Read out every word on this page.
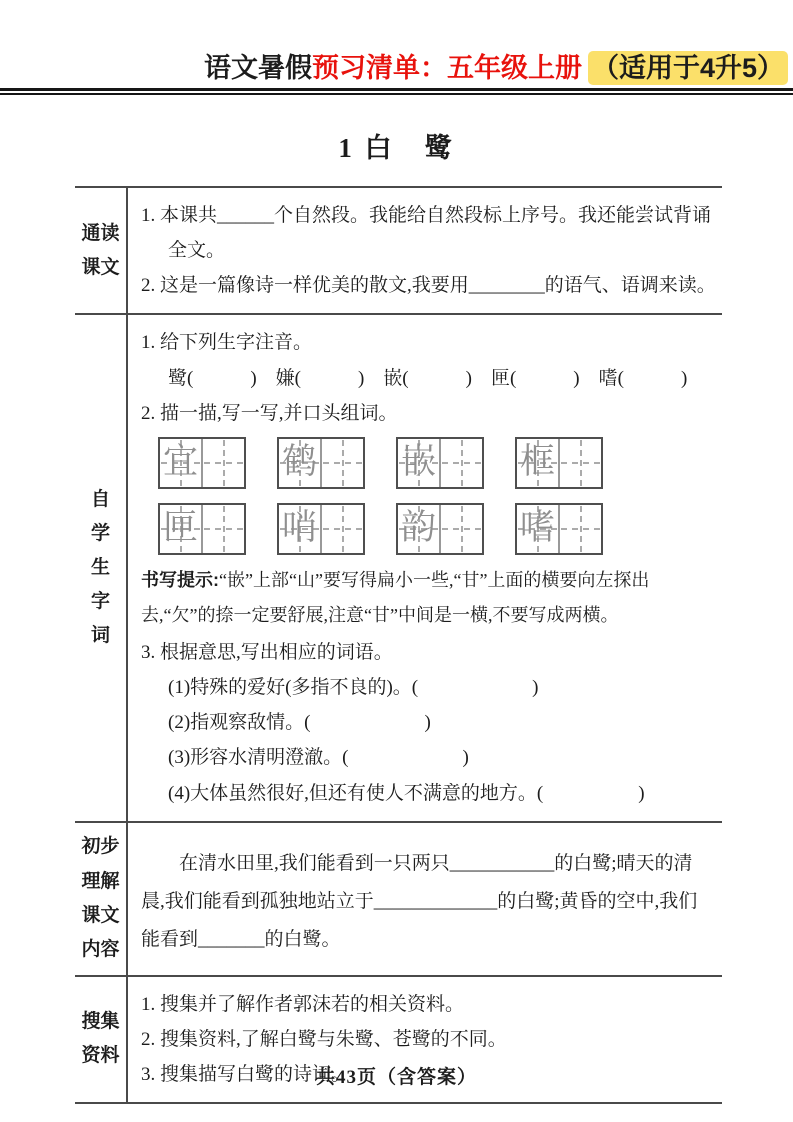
语文暑假预习清单：五年级上册 （适用于4升5）
1 白　鹭
通读
课文
1. 本课共______个自然段。我能给自然段标上序号。我还能尝试背诵全文。
2. 这是一篇像诗一样优美的散文,我要用________的语气、语调来读。
自
学
生
字
词
1. 给下列生字注音。
鹭(　　　)　嫌(　　　)　嵌(　　　)　匣(　　　)　嗜(　　　)
2. 描一描,写一写,并口头组词。
宜 鹤 嵌 框
匣 哨 韵 嗜
书写提示:“嵌”上部“山”要写得扁小一些,“甘”上面的横要向左探出去,“欠”的捺一定要舒展,注意“甘”中间是一横,不要写成两横。
3. 根据意思,写出相应的词语。
(1)特殊的爱好(多指不良的)。(　　　　　　)
(2)指观察敌情。(　　　　　　)
(3)形容水清明澄澈。(　　　　　　)
(4)大体虽然很好,但还有使人不满意的地方。(　　　　　)
初步
理解
课文
内容

在清水田里,我们能看到一只两只___________的白鹭;晴天的清晨,我们能看到孤独地站立于_____________的白鹭;黄昏的空中,我们能看到_______的白鹭。

搜集
资料
1. 搜集并了解作者郭沫若的相关资料。
2. 搜集资料,了解白鹭与朱鹭、苍鹭的不同。
3. 搜集描写白鹭的诗词。
共43页（含答案）
